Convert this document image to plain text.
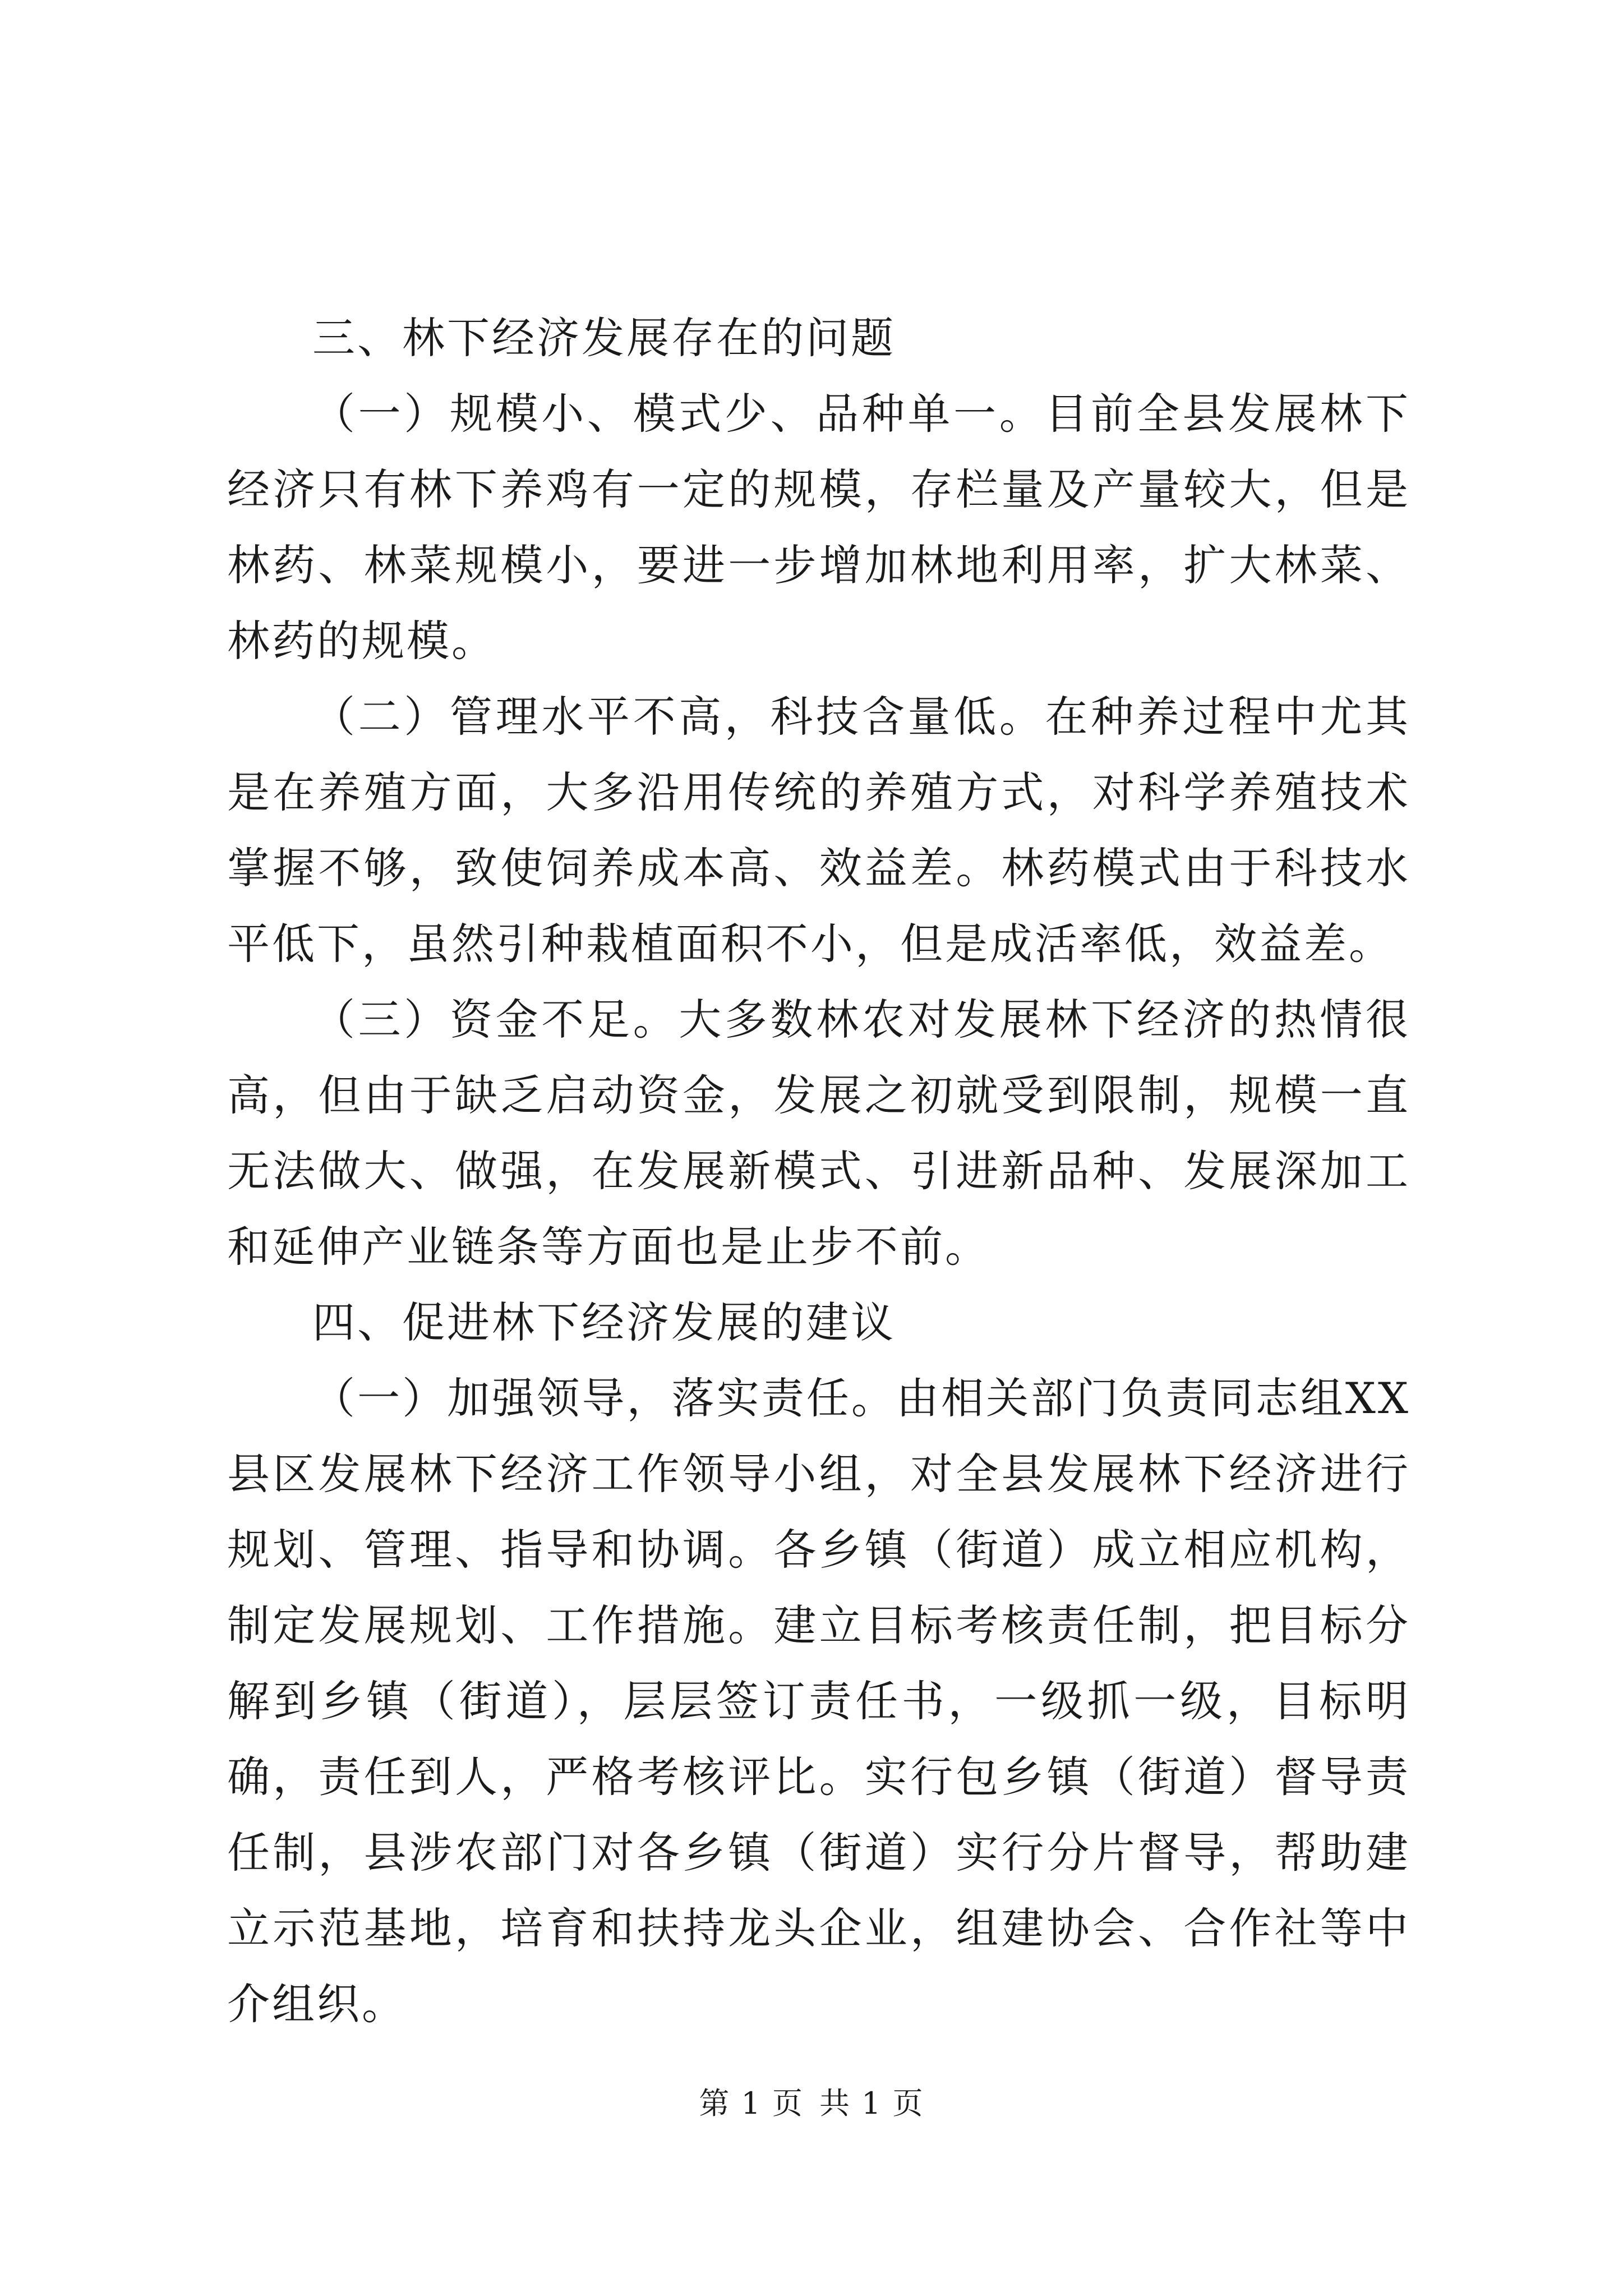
三、林下经济发展存在的问题

（一）规模小、模式少、品种单一。目前全县发展林下经济只有林下养鸡有一定的规模，存栏量及产量较大，但是林药、林菜规模小，要进一步增加林地利用率，扩大林菜、林药的规模。

（二）管理水平不高，科技含量低。在种养过程中尤其是在养殖方面，大多沿用传统的养殖方式，对科学养殖技术掌握不够，致使饲养成本高、效益差。林药模式由于科技水平低下，虽然引种栽植面积不小，但是成活率低，效益差。

（三）资金不足。大多数林农对发展林下经济的热情很高，但由于缺乏启动资金，发展之初就受到限制，规模一直无法做大、做强，在发展新模式、引进新品种、发展深加工和延伸产业链条等方面也是止步不前。

四、促进林下经济发展的建议

（一）加强领导，落实责任。由相关部门负责同志组XX县区发展林下经济工作领导小组，对全县发展林下经济进行规划、管理、指导和协调。各乡镇（街道）成立相应机构，制定发展规划、工作措施。建立目标考核责任制，把目标分解到乡镇（街道），层层签订责任书，一级抓一级，目标明确，责任到人，严格考核评比。实行包乡镇（街道）督导责任制，县涉农部门对各乡镇（街道）实行分片督导，帮助建立示范基地，培育和扶持龙头企业，组建协会、合作社等中介组织。

第 1 页 共 1 页
